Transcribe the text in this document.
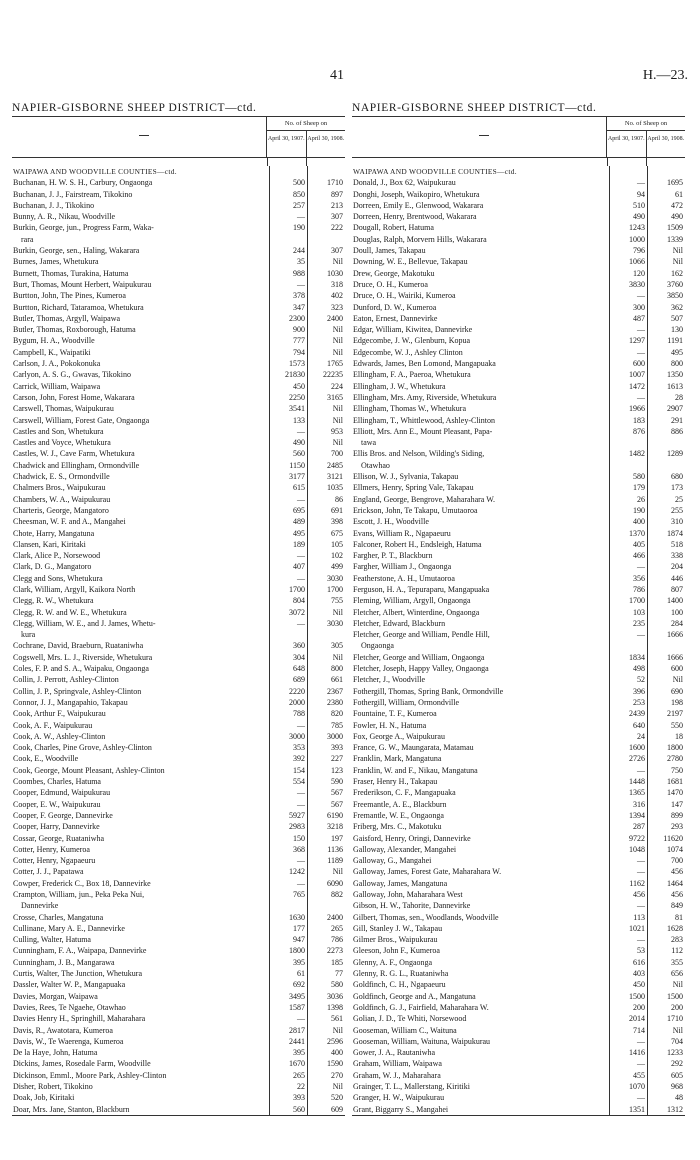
41	H.—23.
NAPIER-GISBORNE SHEEP DISTRICT—ctd.
No. of Sheep on
April 30, 1907. April 30, 1908.
WAIPAWA AND WOODVILLE COUNTIES—ctd.
Buchanan, H. W. S. H., Carbury, Ongaonga	500	1710
Buchanan, J. J., Fairstream, Tikokino	850	897
Buchanan, J. J., Tikokino	257	213
Bunny, A. R., Nikau, Woodville	—	307
Burkin, George, jun., Progress Farm, Waka-	190	222
rara
Burkin, George, sen., Haling, Wakarara	244	307
Burnes, James, Whetukura	35	Nil
Burnett, Thomas, Turakina, Hatuma	988	1030
Burt, Thomas, Mount Herbert, Waipukurau	—	318
Burtton, John, The Pines, Kumeroa	378	402
Burtton, Richard, Tataramoa, Whetukura	347	323
Butler, Thomas, Argyll, Waipawa	2300	2400
Butler, Thomas, Roxborough, Hatuma	900	Nil
Bygum, H. A., Woodville	777	Nil
Campbell, K., Waipatiki	794	Nil
Carlson, J. A., Pokokonuka	1573	1765
Carlyon, A. S. G., Gwavas, Tikokino	21830	22235
Carrick, William, Waipawa	450	224
Carson, John, Forest Home, Wakarara	2250	3165
Carswell, Thomas, Waipukurau	3541	Nil
Carswell, William, Forest Gate, Ongaonga	133	Nil
Castles and Son, Whetukura	—	953
Castles and Voyce, Whetukura	490	Nil
Castles, W. J., Cave Farm, Whetukura	560	700
Chadwick and Ellingham, Ormondville	1150	2485
Chadwick, E. S., Ormondville	3177	3121
Chalmers Bros., Waipukurau	615	1035
Chambers, W. A., Waipukurau	—	86
Charteris, George, Mangatoro	695	691
Cheesman, W. F. and A., Mangahei	489	398
Chote, Harry, Mangatuna	495	675
Clansen, Kari, Kiritaki	189	105
Clark, Alice P., Norsewood	—	102
Clark, D. G., Mangatoro	407	499
Clegg and Sons, Whetukura	—	3030
Clark, William, Argyll, Kaikora North	1700	1700
Clegg, R. W., Whetukura	804	755
Clegg, R. W. and W. E., Whetukura	3072	Nil
Clegg, William, W. E., and J. James, Whetu-	—	3030
kura
Cochrane, David, Braeburn, Ruataniwha	360	305
Cogswell, Mrs. L. J., Riverside, Whetukura	304	Nil
Coles, F. P. and S. A., Waipaku, Ongaonga	648	800
Collin, J. Perrott, Ashley-Clinton	689	661
Collin, J. P., Springvale, Ashley-Clinton	2220	2367
Connor, J. J., Mangapahio, Takapau	2000	2380
Cook, Arthur F., Waipukurau	788	820
Cook, A. F., Waipukurau	—	785
Cook, A. W., Ashley-Clinton	3000	3000
Cook, Charles, Pine Grove, Ashley-Clinton	353	393
Cook, E., Woodville	392	227
Cook, George, Mount Pleasant, Ashley-Clinton	154	123
Coombes, Charles, Hatuma	554	590
Cooper, Edmund, Waipukurau	—	567
Cooper, E. W., Waipukurau	—	567
Cooper, F. George, Dannevirke	5927	6190
Cooper, Harry, Dannevirke	2983	3218
Cossar, George, Ruataniwha	150	197
Cotter, Henry, Kumeroa	368	1136
Cotter, Henry, Ngapaeuru	—	1189
Cotter, J. J., Papatawa	1242	Nil
Cowper, Frederick C., Box 18, Dannevirke	—	6090
Crampton, William, jun., Peka Peka Nui,	765	882
Dannevirke
Crosse, Charles, Mangatuna	1630	2400
Cullinane, Mary A. E., Dannevirke	177	265
Culling, Walter, Hatuma	947	786
Cunningham, F. A., Waipapa, Dannevirke	1800	2273
Cunningham, J. B., Mangarawa	395	185
Curtis, Walter, The Junction, Whetukura	61	77
Dassler, Walter W. P., Mangapuaka	692	580
Davies, Morgan, Waipawa	3495	3036
Davies, Rees, Te Ngaehe, Otawhao	1587	1398
Davies Henry H., Springhill, Maharahara	—	561
Davis, R., Awatotara, Kumeroa	2817	Nil
Davis, W., Te Waerenga, Kumeroa	2441	2596
De la Haye, John, Hatuma	395	400
Dickins, James, Rosedale Farm, Woodville	1670	1590
Dickinson, Emml., Moore Park, Ashley-Clinton	265	270
Disher, Robert, Tikokino	22	Nil
Doak, Job, Kiritaki	393	520
Doar, Mrs. Jane, Stanton, Blackburn	560	609
NAPIER-GISBORNE SHEEP DISTRICT—ctd.
No. of Sheep on
April 30, 1907. April 30, 1908.
WAIPAWA AND WOODVILLE COUNTIES—ctd.
Donald, J., Box 62, Waipukurau	—	1695
Donghi, Joseph, Waikopiro, Whetukura	94	61
Dorreen, Emily E., Glenwood, Wakarara	510	472
Dorreen, Henry, Brentwood, Wakarara	490	490
Dougall, Robert, Hatuma	1243	1509
Douglas, Ralph, Morvern Hills, Wakarara	1000	1339
Doull, James, Takapau	796	Nil
Downing, W. E., Bellevue, Takapau	1066	Nil
Drew, George, Makotuku	120	162
Druce, O. H., Kumeroa	3830	3760
Druce, O. H., Wairiki, Kumeroa	—	3850
Dunford, D. W., Kumeroa	300	362
Eaton, Ernest, Dannevirke	487	507
Edgar, William, Kiwitea, Dannevirke	—	130
Edgecombe, J. W., Glenburn, Kopua	1297	1191
Edgecombe, W. J., Ashley Clinton	—	495
Edwards, James, Ben Lomond, Mangapuaka	600	800
Ellingham, F. A., Paeroa, Whetukura	1007	1350
Ellingham, J. W., Whetukura	1472	1613
Ellingham, Mrs. Amy, Riverside, Whetukura	—	28
Ellingham, Thomas W., Whetukura	1966	2907
Ellingham, T., Whittlewood, Ashley-Clinton	183	291
Elliott, Mrs. Ann E., Mount Pleasant, Papa-	876	886
tawa
Ellis Bros. and Nelson, Wilding's Siding,	1482	1289
Otawhao
Ellison, W. J., Sylvania, Takapau	580	680
Ellmers, Henry, Spring Vale, Takapau	179	173
England, George, Bengrove, Maharahara W.	26	25
Erickson, John, Te Takapu, Umutaoroa	190	255
Escott, J. H., Woodville	400	310
Evans, William R., Ngapaeuru	1370	1874
Falconer, Robert H., Endsleigh, Hatuma	405	518
Fargher, P. T., Blackburn	466	338
Fargher, William J., Ongaonga	—	204
Featherstone, A. H., Umutaoroa	356	446
Ferguson, H. A., Tepuraparu, Mangapuaka	786	807
Fleming, William, Argyll, Ongaonga	1700	1400
Fletcher, Albert, Winterdine, Ongaonga	103	100
Fletcher, Edward, Blackburn	235	284
Fletcher, George and William, Pendle Hill,	—	1666
Ongaonga
Fletcher, George and William, Ongaonga	1834	1666
Fletcher, Joseph, Happy Valley, Ongaonga	498	600
Fletcher, J., Woodville	52	Nil
Fothergill, Thomas, Spring Bank, Ormondville	396	690
Fothergill, William, Ormondville	253	198
Fountaine, T. F., Kumeroa	2439	2197
Fowler, H. N., Hatuma	640	550
Fox, George A., Waipukurau	24	18
France, G. W., Maungarata, Matamau	1600	1800
Franklin, Mark, Mangatuna	2726	2780
Franklin, W. and F., Nikau, Mangatuna	—	750
Fraser, Henry H., Takapau	1448	1681
Frederikson, C. F., Mangapuaka	1365	1470
Freemantle, A. E., Blackburn	316	147
Fremantle, W. E., Ongaonga	1394	899
Friberg, Mrs. C., Makotuku	287	293
Gaisford, Henry, Oringi, Dannevirke	9722	11620
Galloway, Alexander, Mangahei	1048	1074
Galloway, G., Mangahei	—	700
Galloway, James, Forest Gate, Maharahara W.	—	456
Galloway, James, Mangatuna	1162	1464
Galloway, John, Maharahara West	456	456
Gibson, H. W., Tahorite, Dannevirke	—	849
Gilbert, Thomas, sen., Woodlands, Woodville	113	81
Gill, Stanley J. W., Takapau	1021	1628
Gilmer Bros., Waipukurau	—	283
Gleeson, John F., Kumeroa	53	112
Glenny, A. F., Ongaonga	616	355
Glenny, R. G. L., Ruataniwha	403	656
Goldfinch, C. H., Ngapaeuru	450	Nil
Goldfinch, George and A., Mangatuna	1500	1500
Goldfinch, G. J., Fairfield, Maharahara W.	200	200
Golian, J. D., Te Whiti, Norsewood	2014	1710
Gooseman, William C., Waituna	714	Nil
Gooseman, William, Waituna, Waipukurau	—	704
Gower, J. A., Rautaniwha	1416	1233
Graham, William, Waipawa	—	292
Graham, W. J., Maharahara	455	605
Grainger, T. L., Mallerstang, Kiritiki	1070	968
Granger, H. W., Waipukurau	—	48
Grant, Biggarry S., Mangahei	1351	1312
